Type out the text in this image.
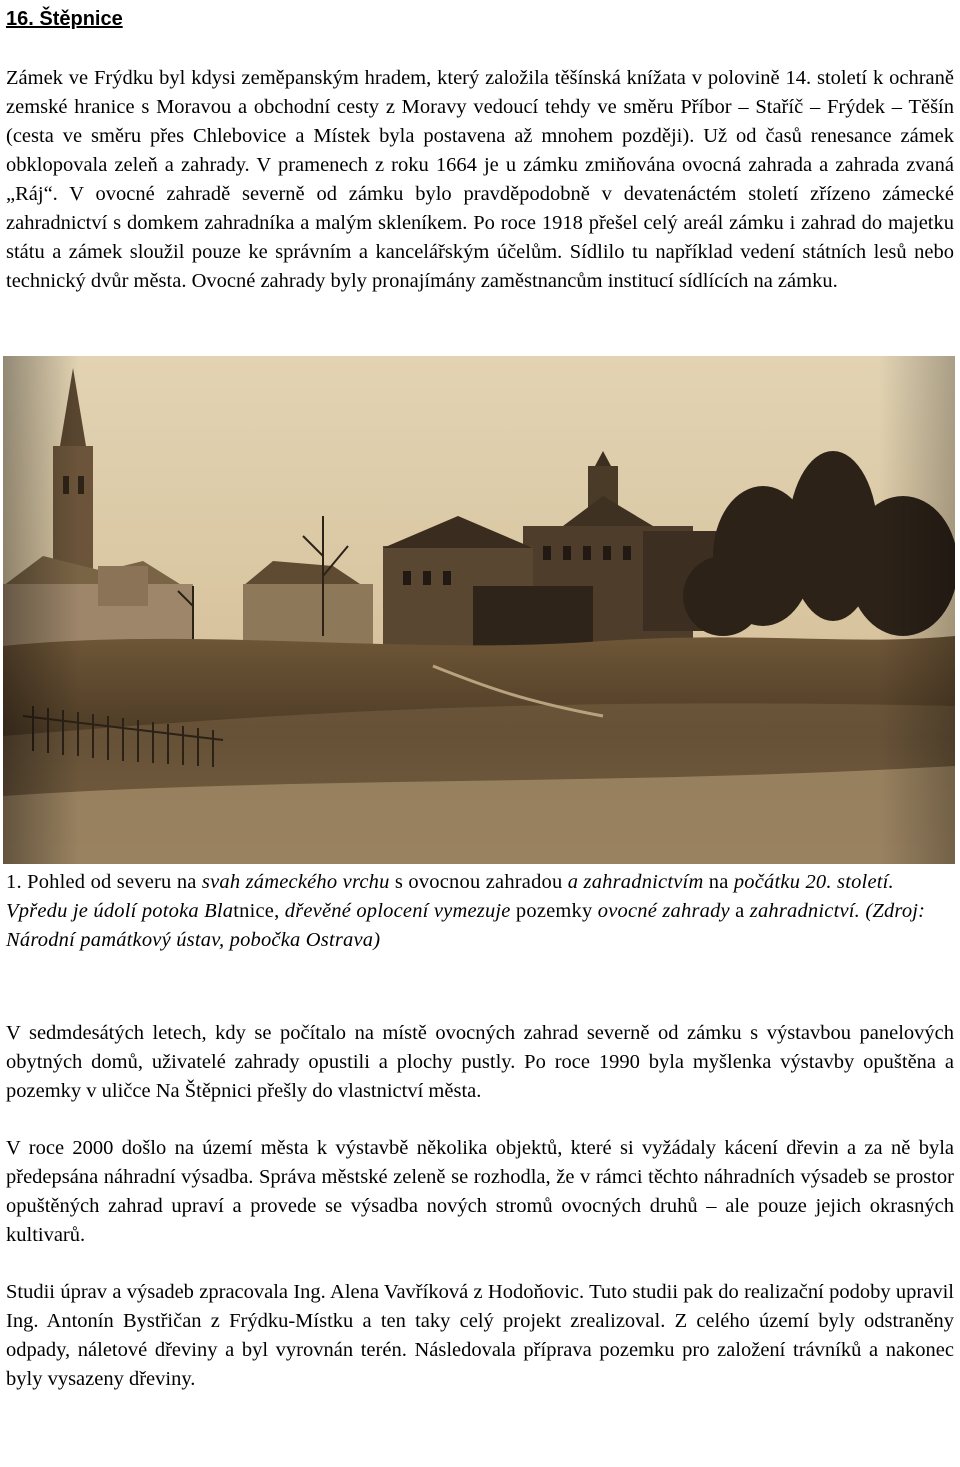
16. Štěpnice

Zámek ve Frýdku byl kdysi zeměpanským hradem, který založila těšínská knížata v polovině 14. století k ochraně zemské hranice s Moravou a obchodní cesty z Moravy vedoucí tehdy ve směru Příbor – Staříč – Frýdek – Těšín (cesta ve směru přes Chlebovice a Místek byla postavena až mnohem později). Už od časů renesance zámek obklopovala zeleň a zahrady. V pramenech z roku 1664 je u zámku zmiňována ovocná zahrada a zahrada zvaná „Ráj“. V ovocné zahradě severně od zámku bylo pravděpodobně v devatenáctém století zřízeno zámecké zahradnictví s domkem zahradníka a malým skleníkem. Po roce 1918 přešel celý areál zámku i zahrad do majetku státu a zámek sloužil pouze ke správním a kancelářským účelům. Sídlilo tu například vedení státních lesů nebo technický dvůr města. Ovocné zahrady byly pronajímány zaměstnancům institucí sídlících na zámku.

1. Pohled od severu na svah zámeckého vrchu s ovocnou zahradou a zahradnictvím na počátku 20. století. Vpředu je údolí potoka Blatnice, dřevěné oplocení vymezuje pozemky ovocné zahrady a zahradnictví. (Zdroj: Národní památkový ústav, pobočka Ostrava)

V sedmdesátých letech, kdy se počítalo na místě ovocných zahrad severně od zámku s výstavbou panelových obytných domů, uživatelé zahrady opustili a plochy pustly. Po roce 1990 byla myšlenka výstavby opuštěna a pozemky v uličce Na Štěpnici přešly do vlastnictví města.

V roce 2000 došlo na území města k výstavbě několika objektů, které si vyžádaly kácení dřevin a za ně byla předepsána náhradní výsadba. Správa městské zeleně se rozhodla, že v rámci těchto náhradních výsadeb se prostor opuštěných zahrad upraví a provede se výsadba nových stromů ovocných druhů – ale pouze jejich okrasných kultivarů.

Studii úprav a výsadeb zpracovala Ing. Alena Vavříková z Hodoňovic. Tuto studii pak do realizační podoby upravil Ing. Antonín Bystřičan z Frýdku-Místku a ten taky celý projekt zrealizoval. Z celého území byly odstraněny odpady, náletové dřeviny a byl vyrovnán terén. Následovala příprava pozemku pro založení trávníků a nakonec byly vysazeny dřeviny.
